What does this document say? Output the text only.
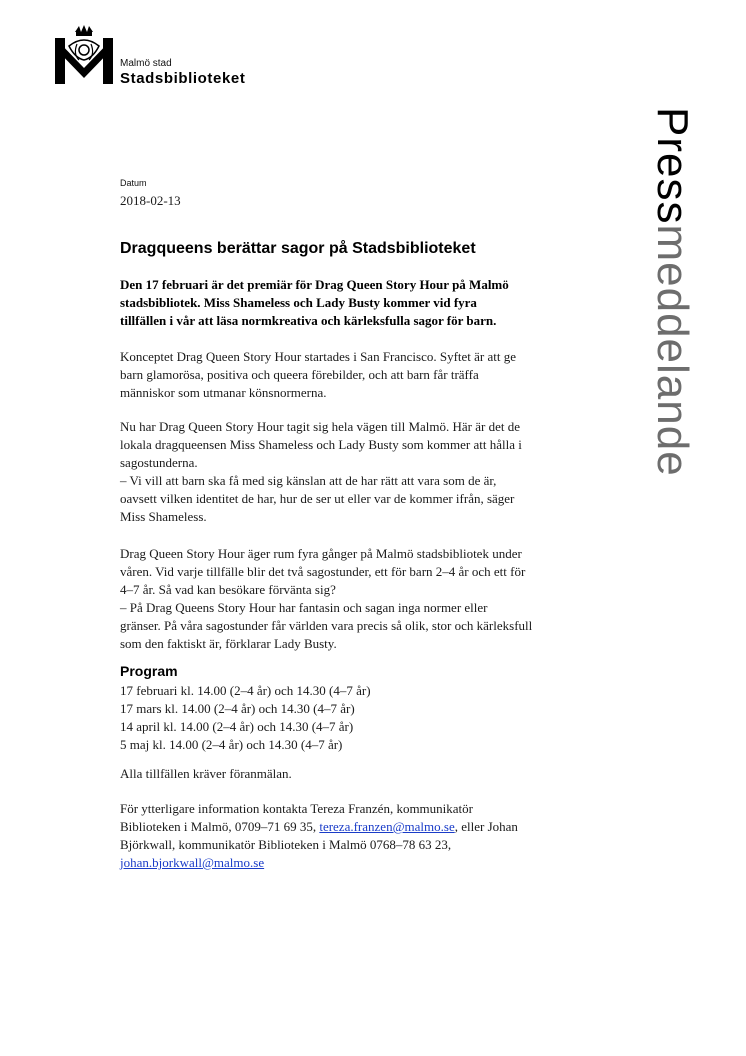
Malmö stad
Stadsbiblioteket
Pressmeddelande
Datum
2018-02-13
Dragqueens berättar sagor på Stadsbiblioteket
Den 17 februari är det premiär för Drag Queen Story Hour på Malmö
stadsbibliotek. Miss Shameless och Lady Busty kommer vid fyra
tillfällen i vår att läsa normkreativa och kärleksfulla sagor för barn.
Konceptet Drag Queen Story Hour startades i San Francisco. Syftet är att ge
barn glamorösa, positiva och queera förebilder, och att barn får träffa
människor som utmanar könsnormerna.
Nu har Drag Queen Story Hour tagit sig hela vägen till Malmö. Här är det de
lokala dragqueensen Miss Shameless och Lady Busty som kommer att hålla i
sagostunderna.
– Vi vill att barn ska få med sig känslan att de har rätt att vara som de är,
oavsett vilken identitet de har, hur de ser ut eller var de kommer ifrån, säger
Miss Shameless.
Drag Queen Story Hour äger rum fyra gånger på Malmö stadsbibliotek under
våren. Vid varje tillfälle blir det två sagostunder, ett för barn 2–4 år och ett för
4–7 år. Så vad kan besökare förvänta sig?
– På Drag Queens Story Hour har fantasin och sagan inga normer eller
gränser. På våra sagostunder får världen vara precis så olik, stor och kärleksfull
som den faktiskt är, förklarar Lady Busty.
Program
17 februari kl. 14.00 (2–4 år) och 14.30 (4–7 år)
17 mars kl. 14.00 (2–4 år) och 14.30 (4–7 år)
14 april kl. 14.00 (2–4 år) och 14.30 (4–7 år)
5 maj kl. 14.00 (2–4 år) och 14.30 (4–7 år)
Alla tillfällen kräver föranmälan.
För ytterligare information kontakta Tereza Franzén, kommunikatör
Biblioteken i Malmö, 0709–71 69 35, tereza.franzen@malmo.se, eller Johan
Björkwall, kommunikatör Biblioteken i Malmö 0768–78 63 23,
johan.bjorkwall@malmo.se
